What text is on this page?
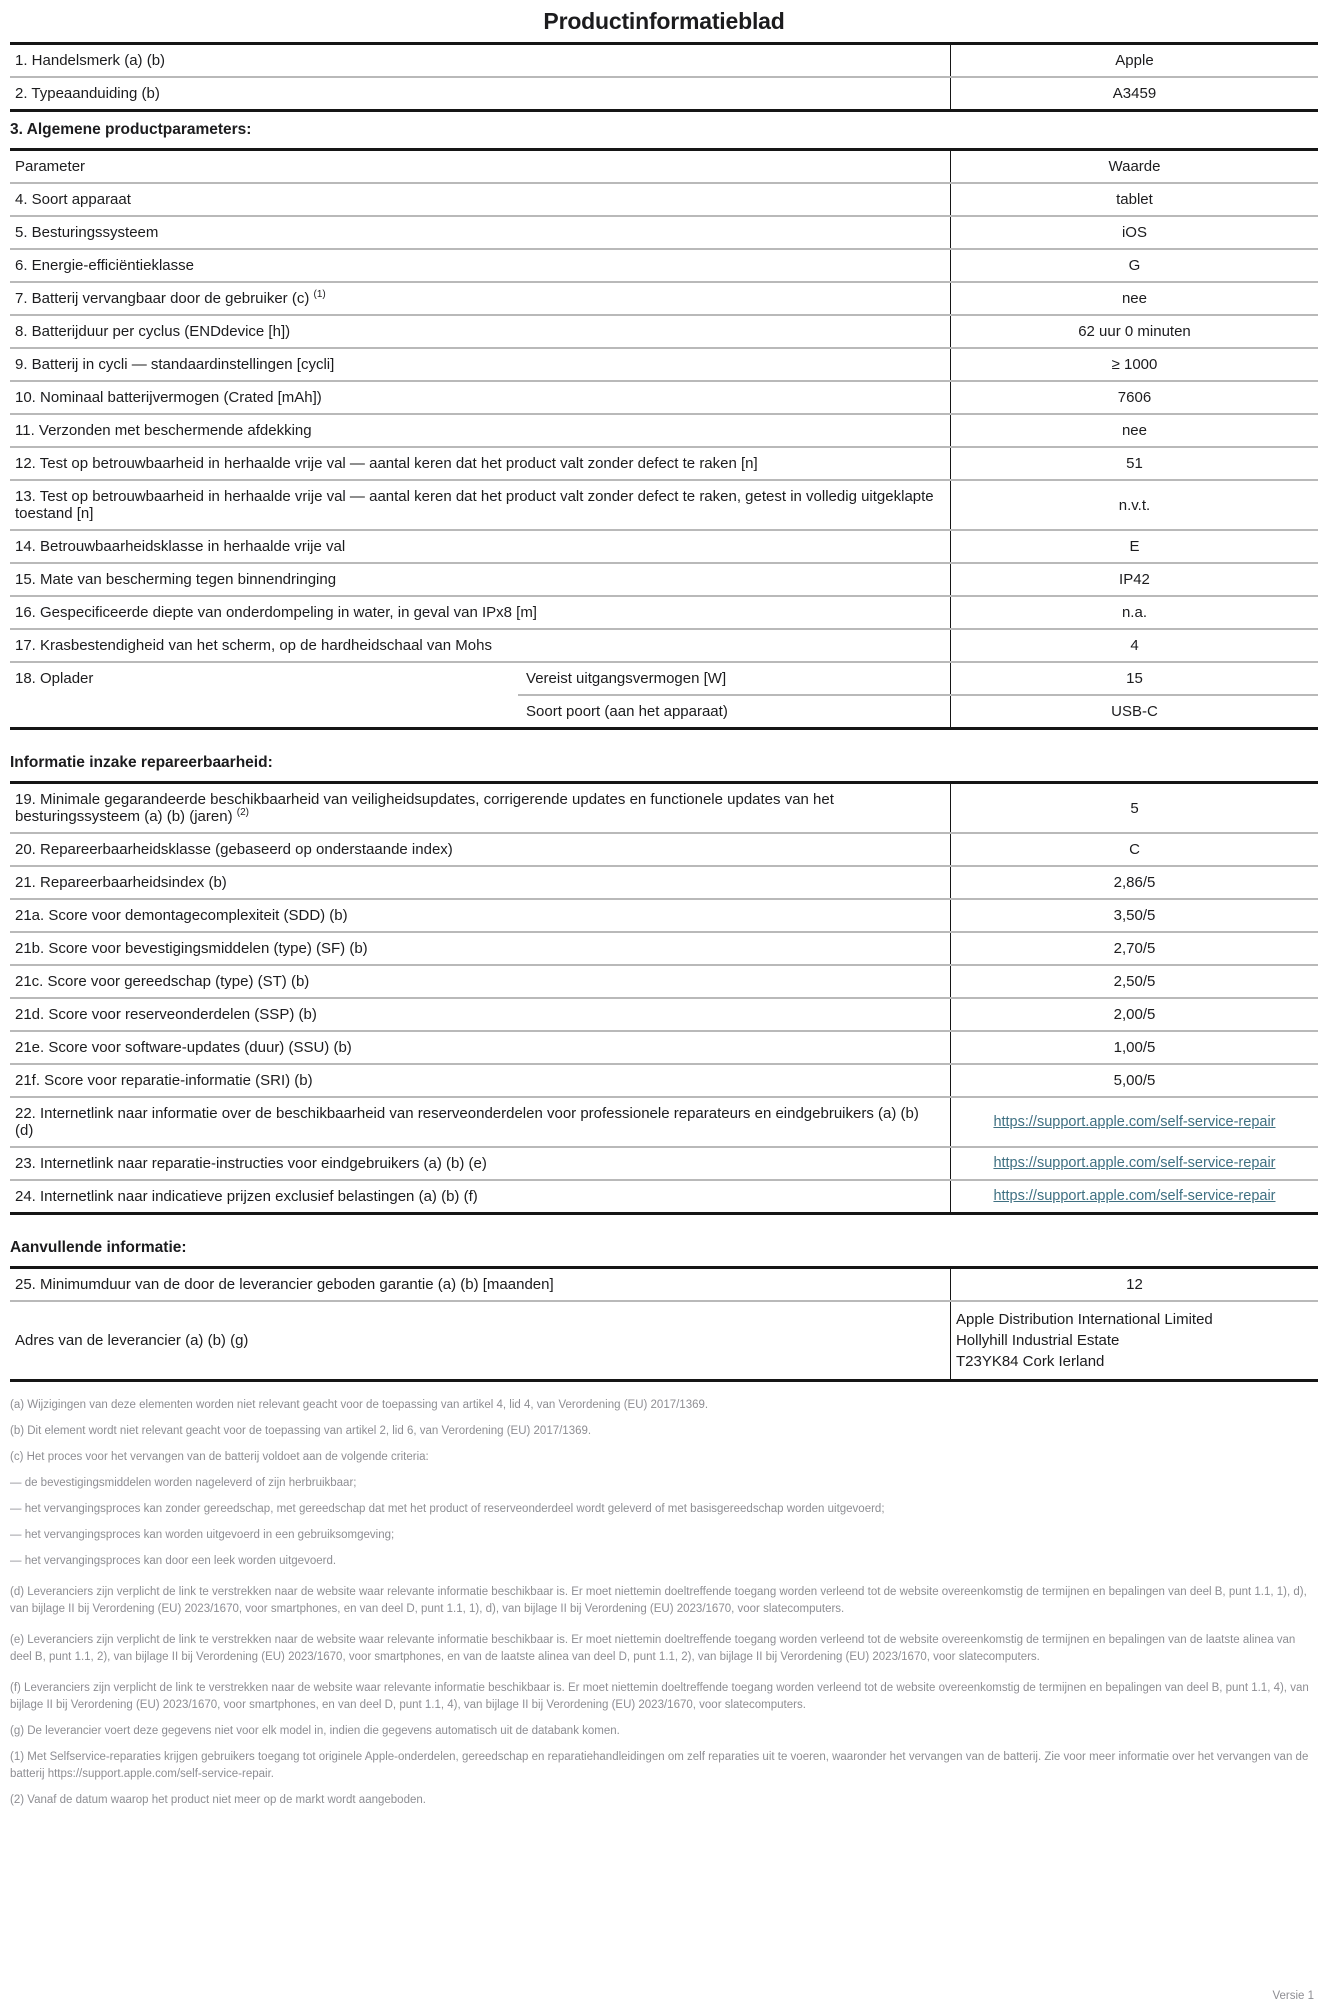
Productinformatieblad
1. Handelsmerk (a) (b)	Apple
2. Typeaanduiding (b)	A3459
3. Algemene productparameters:
Parameter	Waarde
4. Soort apparaat	tablet
5. Besturingssysteem	iOS
6. Energie-efficiëntieklasse	G

7. Batterij vervangbaar door de gebruiker (c) $^{(1)}$	nee
8. Batterijduur per cyclus (ENDdevice [h])	62 uur 0 minuten
9. Batterij in cycli — standaardinstellingen [cycli]	≥ 1000
10. Nominaal batterijvermogen (Crated [mAh])	7606
11. Verzonden met beschermende afdekking	nee
12. Test op betrouwbaarheid in herhaalde vrije val — aantal keren dat het product valt zonder defect te raken [n]	51
13. Test op betrouwbaarheid in herhaalde vrije val — aantal keren dat het product valt zonder defect te raken, getest in volledig uitgeklapte toestand [n]	n.v.t.
14. Betrouwbaarheidsklasse in herhaalde vrije val	E
15. Mate van bescherming tegen binnendringing	IP42
16. Gespecificeerde diepte van onderdompeling in water, in geval van IPx8 [m]	n.a.
17. Krasbestendigheid van het scherm, op de hardheidschaal van Mohs	4
18. Oplader	Vereist uitgangsvermogen [W]	15
Soort poort (aan het apparaat)	USB-C
Informatie inzake repareerbaarheid:

19. Minimale gegarandeerde beschikbaarheid van veiligheidsupdates, corrigerende updates en functionele updates van het besturingssysteem (a) (b) (jaren) $^{(2)}$	5
20. Repareerbaarheidsklasse (gebaseerd op onderstaande index)	C
21. Repareerbaarheidsindex (b)	2,86/5
21a. Score voor demontagecomplexiteit (SDD) (b)	3,50/5
21b. Score voor bevestigingsmiddelen (type) (SF) (b)	2,70/5
21c. Score voor gereedschap (type) (ST) (b)	2,50/5
21d. Score voor reserveonderdelen (SSP) (b)	2,00/5
21e. Score voor software-updates (duur) (SSU) (b)	1,00/5
21f. Score voor reparatie-informatie (SRI) (b)	5,00/5
22. Internetlink naar informatie over de beschikbaarheid van reserveonderdelen voor professionele reparateurs en eindgebruikers (a) (b) (d)
https://support.apple.com/self-service-repair
23. Internetlink naar reparatie-instructies voor eindgebruikers (a) (b) (e)	https://support.apple.com/self-service-repair
24. Internetlink naar indicatieve prijzen exclusief belastingen (a) (b) (f)	https://support.apple.com/self-service-repair
Aanvullende informatie:
25. Minimumduur van de door de leverancier geboden garantie (a) (b) [maanden]	12
Adres van de leverancier (a) (b) (g)
Apple Distribution International Limited
Hollyhill Industrial Estate
T23YK84 Cork Ierland

(a) Wijzigingen van deze elementen worden niet relevant geacht voor de toepassing van artikel 4, lid 4, van Verordening (EU) 2017/1369.

(b) Dit element wordt niet relevant geacht voor de toepassing van artikel 2, lid 6, van Verordening (EU) 2017/1369.

(c) Het proces voor het vervangen van de batterij voldoet aan de volgende criteria:

— de bevestigingsmiddelen worden nageleverd of zijn herbruikbaar;

— het vervangingsproces kan zonder gereedschap, met gereedschap dat met het product of reserveonderdeel wordt geleverd of met basisgereedschap worden uitgevoerd;

— het vervangingsproces kan worden uitgevoerd in een gebruiksomgeving;

— het vervangingsproces kan door een leek worden uitgevoerd.

(d) Leveranciers zijn verplicht de link te verstrekken naar de website waar relevante informatie beschikbaar is. Er moet niettemin doeltreffende toegang worden verleend tot de website overeenkomstig de termijnen en bepalingen van deel B, punt 1.1, 1), d), van bijlage II bij Verordening (EU) 2023/1670, voor smartphones, en van deel D, punt 1.1, 1), d), van bijlage II bij Verordening (EU) 2023/1670, voor slatecomputers.

(e) Leveranciers zijn verplicht de link te verstrekken naar de website waar relevante informatie beschikbaar is. Er moet niettemin doeltreffende toegang worden verleend tot de website overeenkomstig de termijnen en bepalingen van de laatste alinea van deel B, punt 1.1, 2), van bijlage II bij Verordening (EU) 2023/1670, voor smartphones, en van de laatste alinea van deel D, punt 1.1, 2), van bijlage II bij Verordening (EU) 2023/1670, voor slatecomputers.

(f) Leveranciers zijn verplicht de link te verstrekken naar de website waar relevante informatie beschikbaar is. Er moet niettemin doeltreffende toegang worden verleend tot de website overeenkomstig de termijnen en bepalingen van deel B, punt 1.1, 4), van bijlage II bij Verordening (EU) 2023/1670, voor smartphones, en van deel D, punt 1.1, 4), van bijlage II bij Verordening (EU) 2023/1670, voor slatecomputers.

(g) De leverancier voert deze gegevens niet voor elk model in, indien die gegevens automatisch uit de databank komen.

(1) Met Selfservice-reparaties krijgen gebruikers toegang tot originele Apple-onderdelen, gereedschap en reparatiehandleidingen om zelf reparaties uit te voeren, waaronder het vervangen van de batterij. Zie voor meer informatie over het vervangen van de batterij https://support.apple.com/self-service-repair.

(2) Vanaf de datum waarop het product niet meer op de markt wordt aangeboden.

Versie 1
